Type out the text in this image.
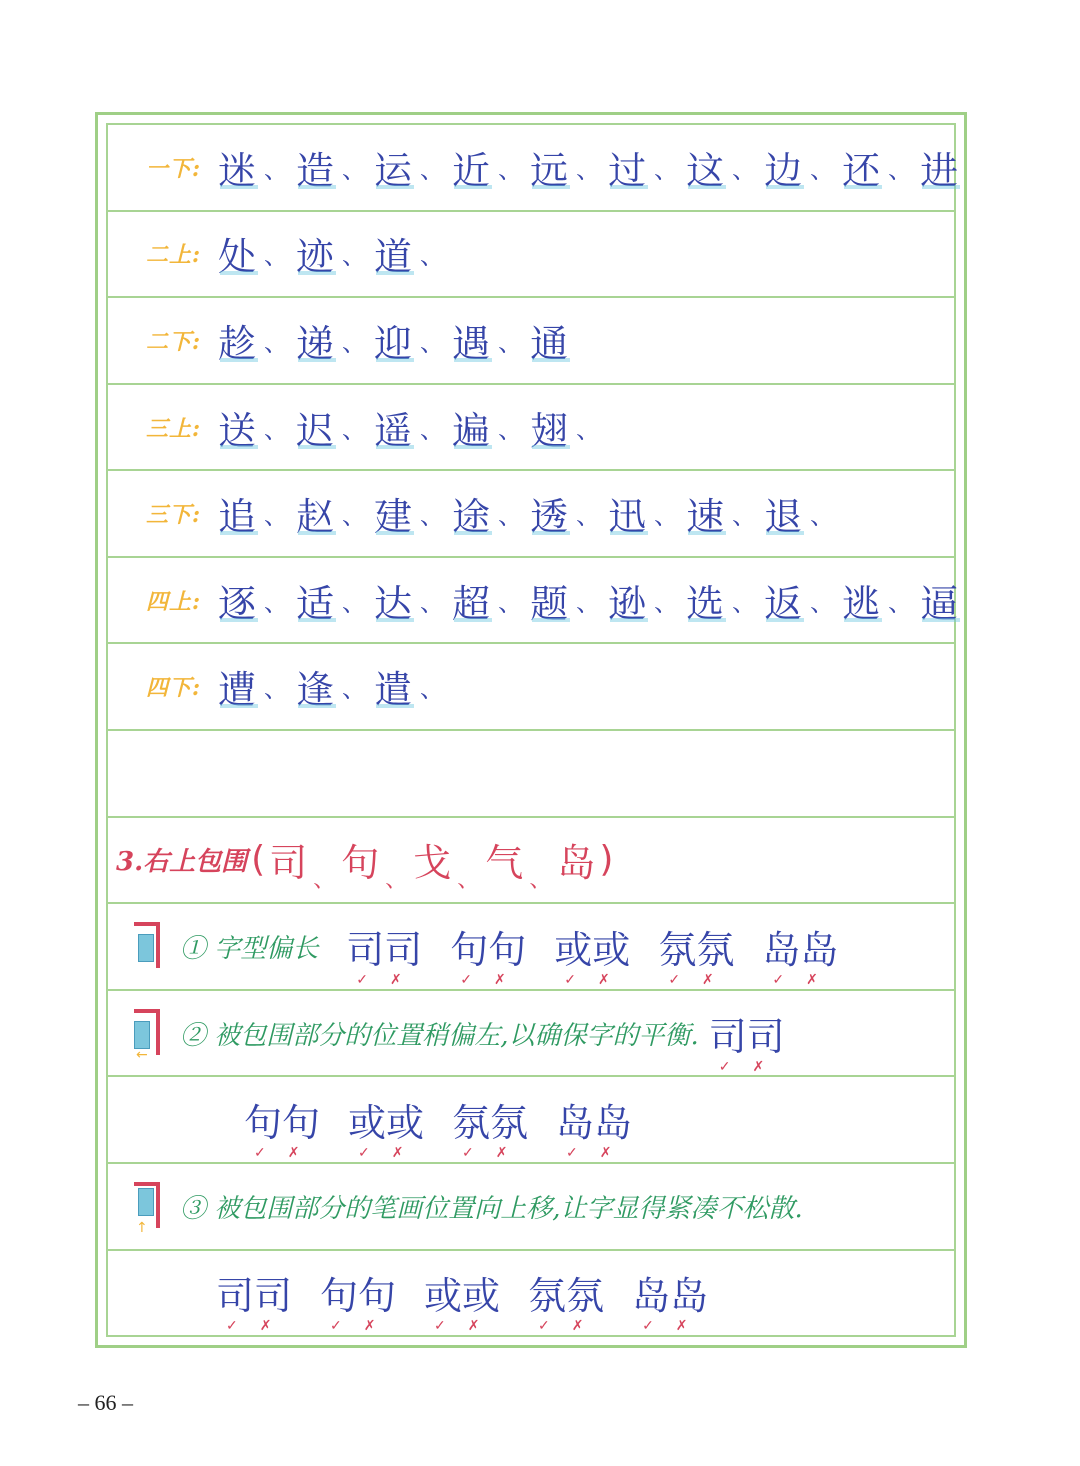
一下: 迷 、 造 、 运 、 近 、 远 、 过 、 这 、 边 、 还 、 进
二上: 处 、 迹 、 道 、
二下: 趁 、 递 、 迎 、 遇 、 通
三上: 送 、 迟 、 遥 、 遍 、 翅 、
三下: 追 、 赵 、 建 、 途 、 透 、 迅 、 速 、 退 、
四上: 逐 、 适 、 达 、 超 、 题 、 逊 、 选 、 返 、 逃 、 逼
四下: 遭 、 逢 、 遣 、
3.右上包围 ( 司 、 句 、 戈 、 气 、 岛 )
① 字型偏长 司司
✓ ✗
句句
✓ ✗
或或
✓ ✗
氛氛
✓ ✗
岛岛
✓ ✗
←
② 被包围部分的位置稍偏左,以确保字的平衡. 司司
✓ ✗
句句
✓ ✗
或或
✓ ✗
氛氛
✓ ✗
岛岛
✓ ✗
↑
③ 被包围部分的笔画位置向上移,让字显得紧凑不松散.
司司
✓ ✗
句句
✓ ✗
或或
✓ ✗
氛氛
✓ ✗
岛岛
✓ ✗
– 66 –
